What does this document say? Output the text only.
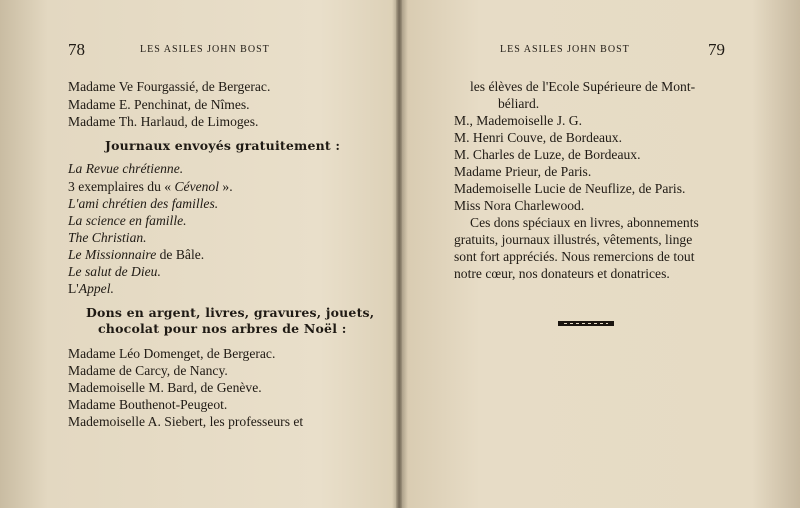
78	LES ASILES JOHN BOST
Madame Ve Fourgassié, de Bergerac.
Madame E. Penchinat, de Nîmes.
Madame Th. Harlaud, de Limoges.
Journaux envoyés gratuitement :
La Revue chrétienne.
3 exemplaires du « Cévenol ».
L'ami chrétien des familles.
La science en famille.
The Christian.
Le Missionnaire de Bâle.
Le salut de Dieu.
L'Appel.
Dons en argent, livres, gravures, jouets,
chocolat pour nos arbres de Noël :
Madame Léo Domenget, de Bergerac.
Madame de Carcy, de Nancy.
Mademoiselle M. Bard, de Genève.
Madame Bouthenot-Peugeot.
Mademoiselle A. Siebert, les professeurs et
LES ASILES JOHN BOST	79
les élèves de l'Ecole Supérieure de Mont-
béliard.
M., Mademoiselle J. G.
M. Henri Couve, de Bordeaux.
M. Charles de Luze, de Bordeaux.
Madame Prieur, de Paris.
Mademoiselle Lucie de Neuflize, de Paris.
Miss Nora Charlewood.
Ces dons spéciaux en livres, abonnements
gratuits, journaux illustrés, vêtements, linge
sont fort appréciés. Nous remercions de tout
notre cœur, nos donateurs et donatrices.
